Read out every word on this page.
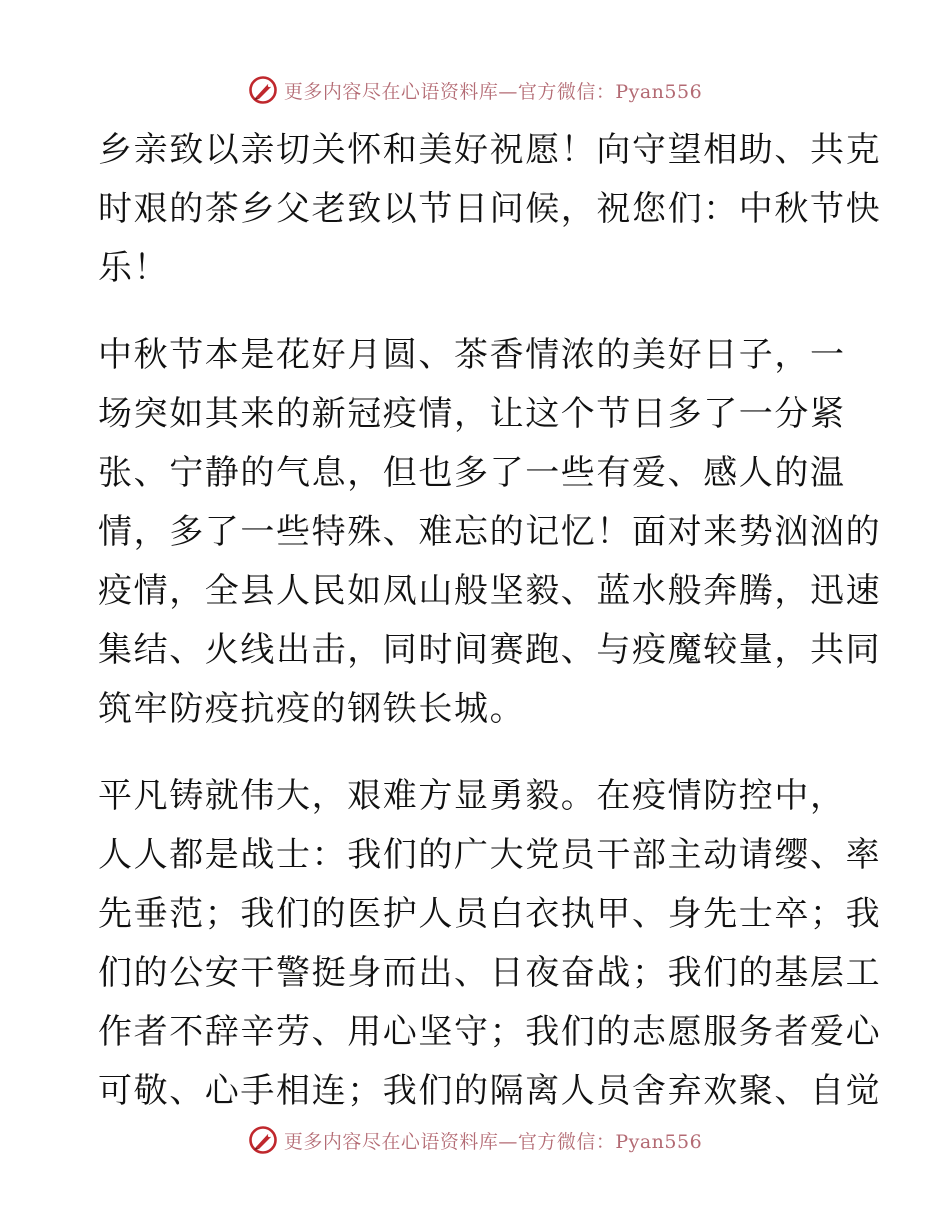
更多内容尽在心语资料库—官方微信：Pyan556
乡亲致以亲切关怀和美好祝愿！向守望相助、共克
时艰的茶乡父老致以节日问候，祝您们：中秋节快
乐！
中秋节本是花好月圆、茶香情浓的美好日子，一
场突如其来的新冠疫情，让这个节日多了一分紧
张、宁静的气息，但也多了一些有爱、感人的温
情，多了一些特殊、难忘的记忆！面对来势汹汹的
疫情，全县人民如凤山般坚毅、蓝水般奔腾，迅速
集结、火线出击，同时间赛跑、与疫魔较量，共同
筑牢防疫抗疫的钢铁长城。
平凡铸就伟大，艰难方显勇毅。在疫情防控中，
人人都是战士：我们的广大党员干部主动请缨、率
先垂范；我们的医护人员白衣执甲、身先士卒；我
们的公安干警挺身而出、日夜奋战；我们的基层工
作者不辞辛劳、用心坚守；我们的志愿服务者爱心
可敬、心手相连；我们的隔离人员舍弃欢聚、自觉
更多内容尽在心语资料库—官方微信：Pyan556
